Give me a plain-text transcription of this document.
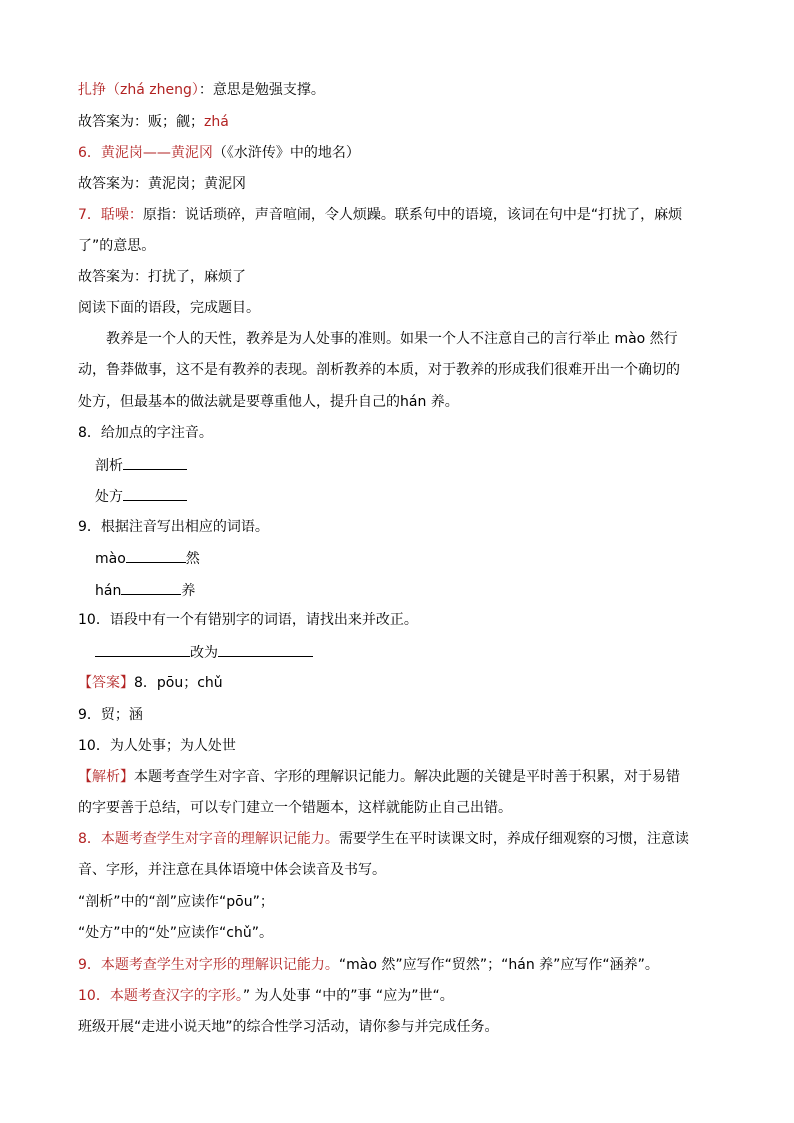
扎挣（zhá zheng）：意思是勉强支撑。
故答案为：贩；觎；zhá
6．黄泥岗——黄泥冈（《水浒传》中的地名）
故答案为：黄泥岗；黄泥冈
7．聒噪：原指：说话琐碎，声音喧闹，令人烦躁。联系句中的语境，该词在句中是“打扰了，麻烦
了”的意思。
故答案为：打扰了，麻烦了
阅读下面的语段，完成题目。
教养是一个人的天性，教养是为人处事的准则。如果一个人不注意自己的言行举止 mào 然行
动，鲁莽做事，这不是有教养的表现。剖析教养的本质，对于教养的形成我们很难开出一个确切的
处方，但最基本的做法就是要尊重他人，提升自己的hán 养。
8．给加点的字注音。
剖析
处方
9．根据注音写出相应的词语。
mào	然
hán	养
10．语段中有一个有错别字的词语，请找出来并改正。
改为
【答案】8．pōu；chǔ
9．贸；涵
10．为人处事；为人处世
【解析】本题考查学生对字音、字形的理解识记能力。解决此题的关键是平时善于积累，对于易错
的字要善于总结，可以专门建立一个错题本，这样就能防止自己出错。
8．本题考查学生对字音的理解识记能力。需要学生在平时读课文时，养成仔细观察的习惯，注意读
音、字形，并注意在具体语境中体会读音及书写。
“剖析”中的“剖”应读作“pōu”；
“处方”中的“处”应读作“chǔ”。
9．本题考查学生对字形的理解识记能力。“mào 然”应写作“贸然”；“hán 养”应写作“涵养”。
10．本题考查汉字的字形。” 为人处事 “中的”事 “应为”世“。
班级开展“走进小说天地”的综合性学习活动，请你参与并完成任务。
